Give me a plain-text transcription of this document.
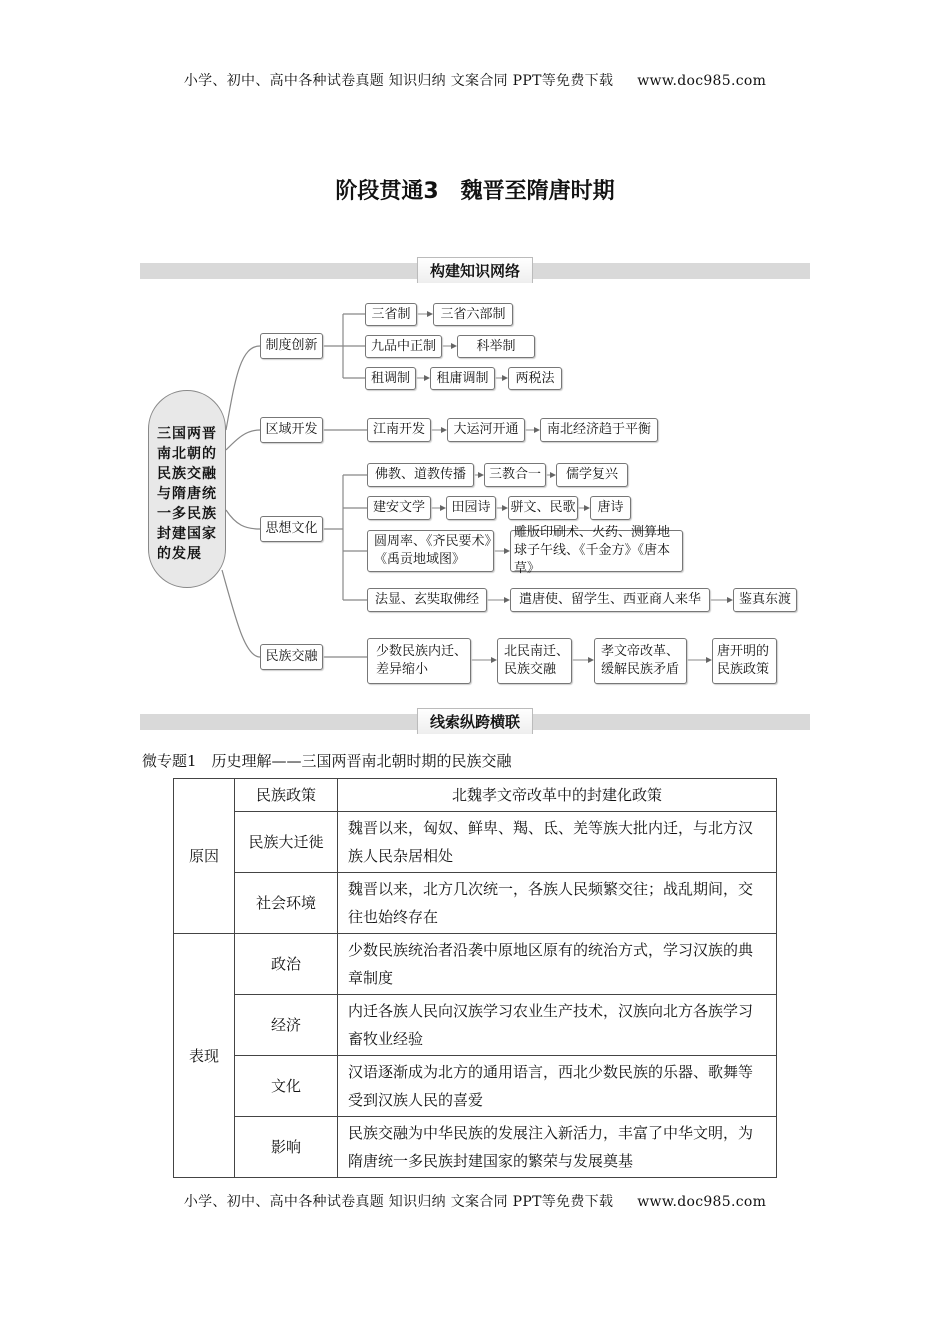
小学、初中、高中各种试卷真题 知识归纳 文案合同 PPT等免费下载 www.doc985.com
阶段贯通3　魏晋至隋唐时期
构建知识网络
三国两晋南北朝的民族交融与隋唐统一多民族封建国家的发展
制度创新
区域开发
思想文化
民族交融
三省制	三省六部制
九品中正制	科举制
租调制	租庸调制	两税法
江南开发	大运河开通	南北经济趋于平衡
佛教、道教传播	三教合一	儒学复兴
建安文学	田园诗	骈文、民歌	唐诗
圆周率、《齐民要术》《禹贡地域图》
雕版印刷术、火药、测算地球子午线、《千金方》《唐本草》
法显、玄奘取佛经	遣唐使、留学生、西亚商人来华	鉴真东渡
少数民族内迁、差异缩小
北民南迁、民族交融
孝文帝改革、缓解民族矛盾
唐开明的民族政策
线索纵跨横联
微专题1　历史理解——三国两晋南北朝时期的民族交融
原因	民族政策	北魏孝文帝改革中的封建化政策
	民族大迁徙	魏晋以来，匈奴、鲜卑、羯、氐、羌等族大批内迁，与北方汉族人民杂居相处
	社会环境	魏晋以来，北方几次统一，各族人民频繁交往；战乱期间，交往也始终存在
表现	政治	少数民族统治者沿袭中原地区原有的统治方式，学习汉族的典章制度
	经济	内迁各族人民向汉族学习农业生产技术，汉族向北方各族学习畜牧业经验
	文化	汉语逐渐成为北方的通用语言，西北少数民族的乐器、歌舞等受到汉族人民的喜爱
	影响	民族交融为中华民族的发展注入新活力，丰富了中华文明，为隋唐统一多民族封建国家的繁荣与发展奠基
小学、初中、高中各种试卷真题 知识归纳 文案合同 PPT等免费下载 www.doc985.com
